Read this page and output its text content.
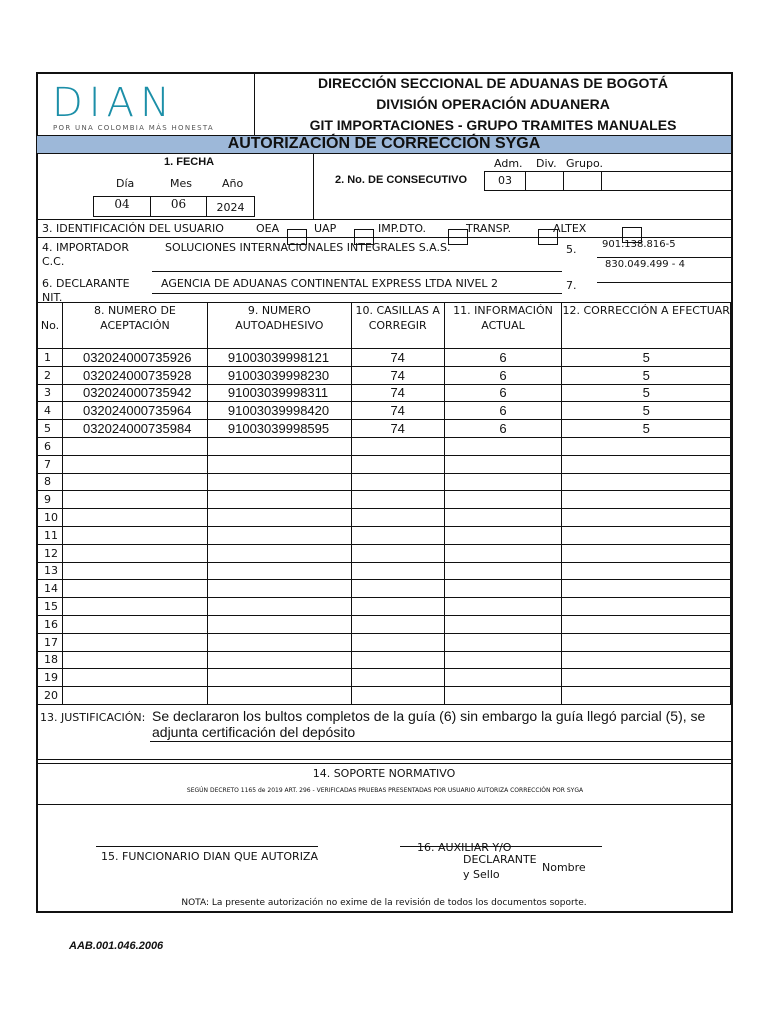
DIAN
POR UNA COLOMBIA MÁS HONESTA
DIRECCIÓN SECCIONAL DE ADUANAS DE BOGOTÁ
DIVISIÓN OPERACIÓN ADUANERA
GIT IMPORTACIONES - GRUPO TRAMITES MANUALES
AUTORIZACIÓN DE CORRECCIÓN SYGA
1. FECHA
Día	Mes	Año
04	06	2024
2. No. DE CONSECUTIVO
Adm. Div. Grupo.
03
3. IDENTIFICACIÓN DEL USUARIO	OEA	UAP	IMP.DTO.	TRANSP.	ALTEX
4. IMPORTADOR
C.C.
SOLUCIONES INTERNACIONALES INTEGRALES S.A.S.	5.	901.138.816-5
830.049.499 - 4
6. DECLARANTE
NIT.
AGENCIA DE ADUANAS CONTINENTAL EXPRESS LTDA NIVEL 2	7.
No.	8. NUMERO DE ACEPTACIÓN	9. NUMERO AUTOADHESIVO	10. CASILLAS A CORREGIR	11. INFORMACIÓN ACTUAL	12. CORRECCIÓN A EFECTUAR
1	032024000735926	91003039998121	74	6	5
2	032024000735928	91003039998230	74	6	5
3	032024000735942	91003039998311	74	6	5
4	032024000735964	91003039998420	74	6	5
5	032024000735984	91003039998595	74	6	5
6					
7					
8					
9					
10					
11					
12					
13					
14					
15					
16					
17					
18					
19					
20					
13. JUSTIFICACIÓN: Se declararon los bultos completos de la guía (6) sin embargo la guía llegó parcial (5), se
adjunta certificación del depósito
14. SOPORTE NORMATIVO
SEGÚN DECRETO 1165 de 2019 ART. 296 - VERIFICADAS PRUEBAS PRESENTADAS POR USUARIO AUTORIZA CORRECCIÓN POR SYGA
15. FUNCIONARIO DIAN QUE AUTORIZA
16. AUXILIAR Y/O
DECLARANTE
Nombre
y Sello
NOTA: La presente autorización no exime de la revisión de todos los documentos soporte.
AAB.001.046.2006
